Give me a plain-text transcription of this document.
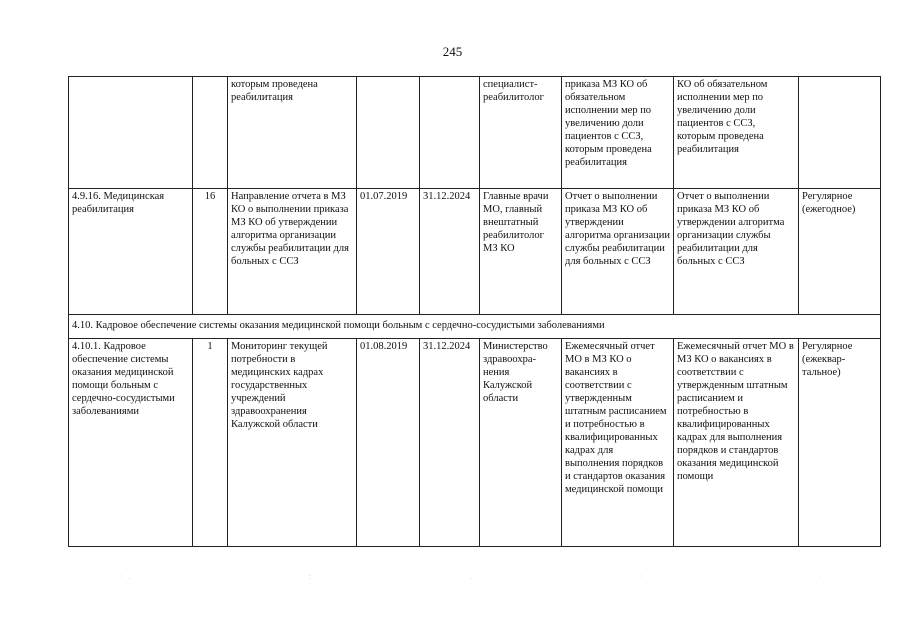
245
		которым проведена реабилитация			специалист-реабилитолог	приказа МЗ КО об обязательном исполнении мер по увеличению доли пациентов с ССЗ, которым проведена реабилитация	КО об обязательном исполнении мер по увеличению доли пациентов с ССЗ, которым проведена реабилитация	
4.9.16. Медицинская реабилитация	16	Направление отчета в МЗ КО о выполнении приказа МЗ КО об утверждении алгоритма организации службы реабилитации для больных с ССЗ	01.07.2019	31.12.2024	Главные врачи МО, главный внештатный реабилитолог МЗ КО	Отчет о выполнении приказа МЗ КО об утверждении алгоритма организации службы реабилитации для больных с ССЗ	Отчет о выполнении приказа МЗ КО об утверждении алгоритма организации службы реабилитации для больных с ССЗ	Регулярное (ежегодное)
4.10. Кадровое обеспечение системы оказания медицинской помощи больным с сердечно-сосудистыми заболеваниями								
4.10.1. Кадровое обеспечение системы оказания медицинской помощи больным с сердечно-сосудистыми заболеваниями	1	Мониторинг текущей потребности в медицинских кадрах государственных учреждений здравоохранения Калужской области	01.08.2019	31.12.2024	Министерство здравоохра-нения Калужской области	Ежемесячный отчет МО в МЗ КО о вакансиях в соответствии с утвержденным штатным расписанием и потребностью в квалифицированных кадрах для выполнения порядков и стандартов оказания медицинской помощи	Ежемесячный отчет МО в МЗ КО о вакансиях в соответствии с утвержденным штатным расписанием и потребностью в квалифицированных кадрах для выполнения порядков и стандартов оказания медицинской помощи	Регулярное (ежеквар-тальное)
· .	· :	.	·	· ·
